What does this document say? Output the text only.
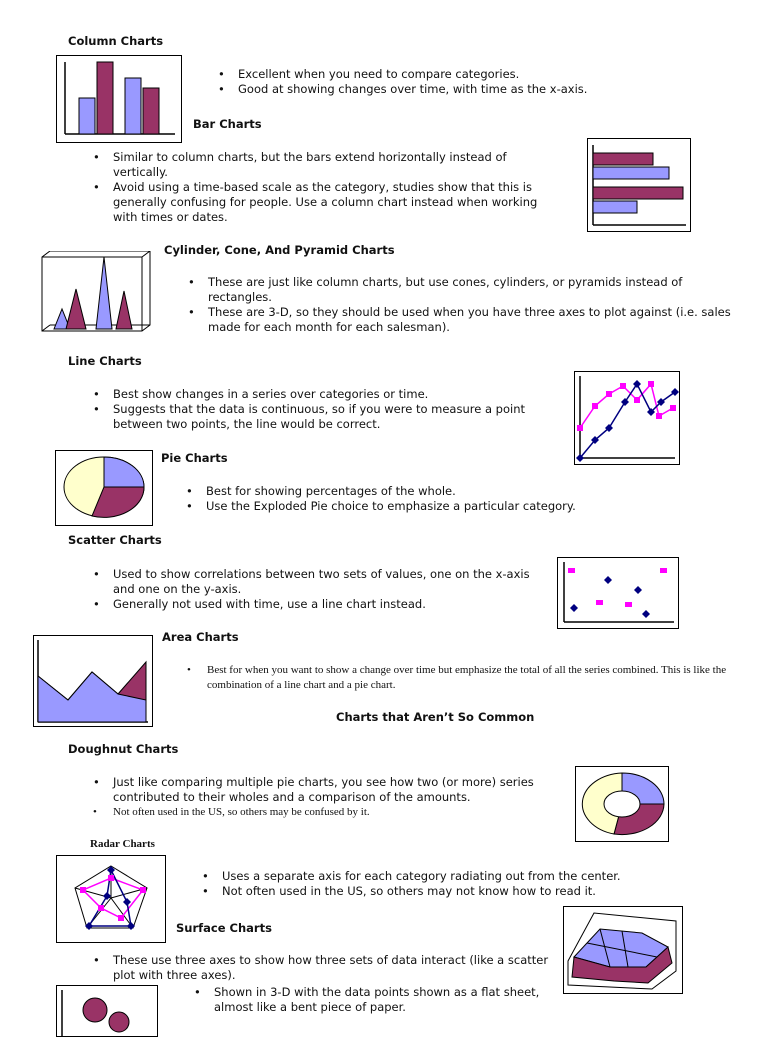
Column Charts
• Excellent when you need to compare categories.
• Good at showing changes over time, with time as the x-axis.
Bar Charts
• Similar to column charts, but the bars extend horizontally instead of vertically.
• Avoid using a time-based scale as the category, studies show that this is generally confusing for people. Use a column chart instead when working with times or dates.
Cylinder, Cone, And Pyramid Charts
• These are just like column charts, but use cones, cylinders, or pyramids instead of rectangles.
• These are 3-D, so they should be used when you have three axes to plot against (i.e. sales made for each month for each salesman).
Line Charts
• Best show changes in a series over categories or time.
• Suggests that the data is continuous, so if you were to measure a point between two points, the line would be correct.
Pie Charts
• Best for showing percentages of the whole.
• Use the Exploded Pie choice to emphasize a particular category.
Scatter Charts
• Used to show correlations between two sets of values, one on the x-axis and one on the y-axis.
• Generally not used with time, use a line chart instead.
Area Charts
• Best for when you want to show a change over time but emphasize the total of all the series combined. This is like the combination of a line chart and a pie chart.
Charts that Aren’t So Common
Doughnut Charts
• Just like comparing multiple pie charts, you see how two (or more) series contributed to their wholes and a comparison of the amounts.
• Not often used in the US, so others may be confused by it.
Radar Charts
• Uses a separate axis for each category radiating out from the center.
• Not often used in the US, so others may not know how to read it.
Surface Charts
• These use three axes to show how three sets of data interact (like a scatter plot with three axes).
• Shown in 3-D with the data points shown as a flat sheet, almost like a bent piece of paper.
